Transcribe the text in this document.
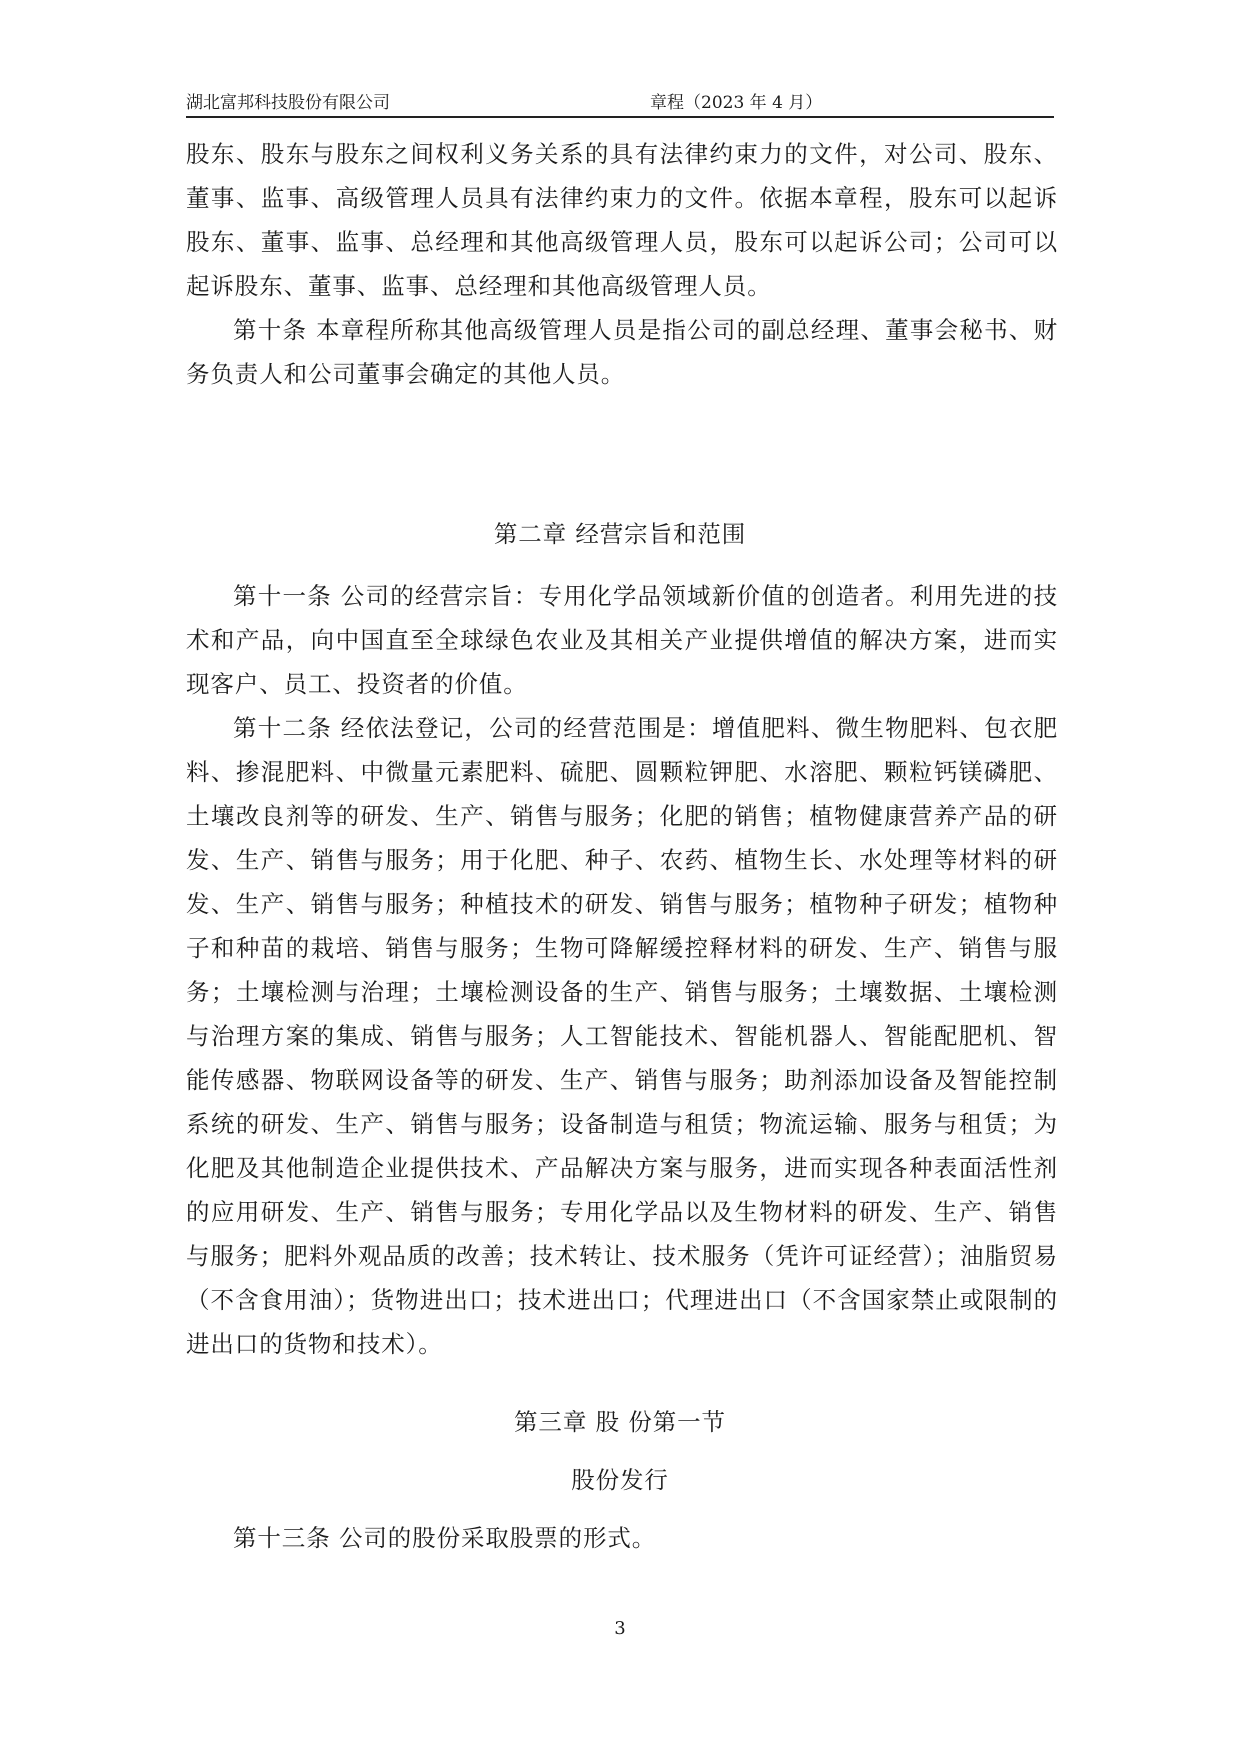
湖北富邦科技股份有限公司	章程（2023 年 4 月）

股东、股东与股东之间权利义务关系的具有法律约束力的文件，对公司、股东、董事、监事、高级管理人员具有法律约束力的文件。依据本章程，股东可以起诉股东、董事、监事、总经理和其他高级管理人员，股东可以起诉公司；公司可以起诉股东、董事、监事、总经理和其他高级管理人员。

第十条 本章程所称其他高级管理人员是指公司的副总经理、董事会秘书、财务负责人和公司董事会确定的其他人员。

第二章 经营宗旨和范围

第十一条 公司的经营宗旨：专用化学品领域新价值的创造者。利用先进的技术和产品，向中国直至全球绿色农业及其相关产业提供增值的解决方案，进而实现客户、员工、投资者的价值。

第十二条 经依法登记，公司的经营范围是：增值肥料、微生物肥料、包衣肥料、掺混肥料、中微量元素肥料、硫肥、圆颗粒钾肥、水溶肥、颗粒钙镁磷肥、土壤改良剂等的研发、生产、销售与服务；化肥的销售；植物健康营养产品的研发、生产、销售与服务；用于化肥、种子、农药、植物生长、水处理等材料的研发、生产、销售与服务；种植技术的研发、销售与服务；植物种子研发；植物种子和种苗的栽培、销售与服务；生物可降解缓控释材料的研发、生产、销售与服务；土壤检测与治理；土壤检测设备的生产、销售与服务；土壤数据、土壤检测与治理方案的集成、销售与服务；人工智能技术、智能机器人、智能配肥机、智能传感器、物联网设备等的研发、生产、销售与服务；助剂添加设备及智能控制系统的研发、生产、销售与服务；设备制造与租赁；物流运输、服务与租赁；为化肥及其他制造企业提供技术、产品解决方案与服务，进而实现各种表面活性剂的应用研发、生产、销售与服务；专用化学品以及生物材料的研发、生产、销售与服务；肥料外观品质的改善；技术转让、技术服务（凭许可证经营）；油脂贸易（不含食用油）；货物进出口；技术进出口；代理进出口（不含国家禁止或限制的进出口的货物和技术）。

第三章 股 份第一节
股份发行

第十三条 公司的股份采取股票的形式。

3
